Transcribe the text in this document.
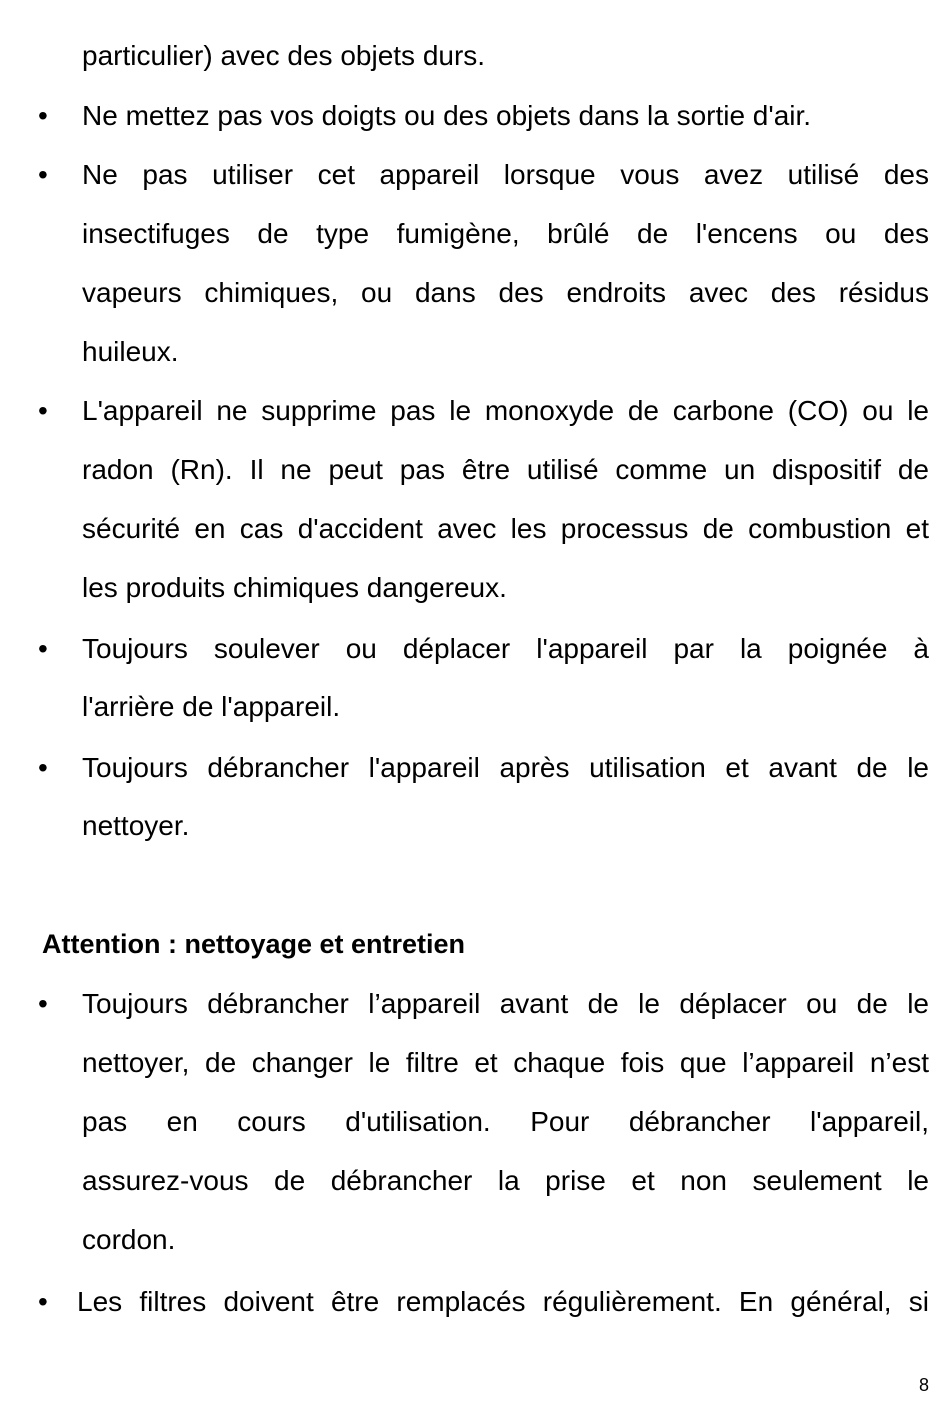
particulier) avec des objets durs.
• Ne mettez pas vos doigts ou des objets dans la sortie d'air.
• Ne pas utiliser cet appareil lorsque vous avez utilisé des
insectifuges de type fumigène, brûlé de l'encens ou des
vapeurs chimiques, ou dans des endroits avec des résidus
huileux.
• L'appareil ne supprime pas le monoxyde de carbone (CO) ou le
radon (Rn). Il ne peut pas être utilisé comme un dispositif de
sécurité en cas d'accident avec les processus de combustion et
les produits chimiques dangereux.
• Toujours soulever ou déplacer l'appareil par la poignée à
l'arrière de l'appareil.
• Toujours débrancher l'appareil après utilisation et avant de le
nettoyer.
Attention : nettoyage et entretien
• Toujours débrancher l’appareil avant de le déplacer ou de le
nettoyer, de changer le filtre et chaque fois que l’appareil n’est
pas en cours d'utilisation. Pour débrancher l'appareil,
assurez-vous de débrancher la prise et non seulement le
cordon.
• Les filtres doivent être remplacés régulièrement. En général, si
8
